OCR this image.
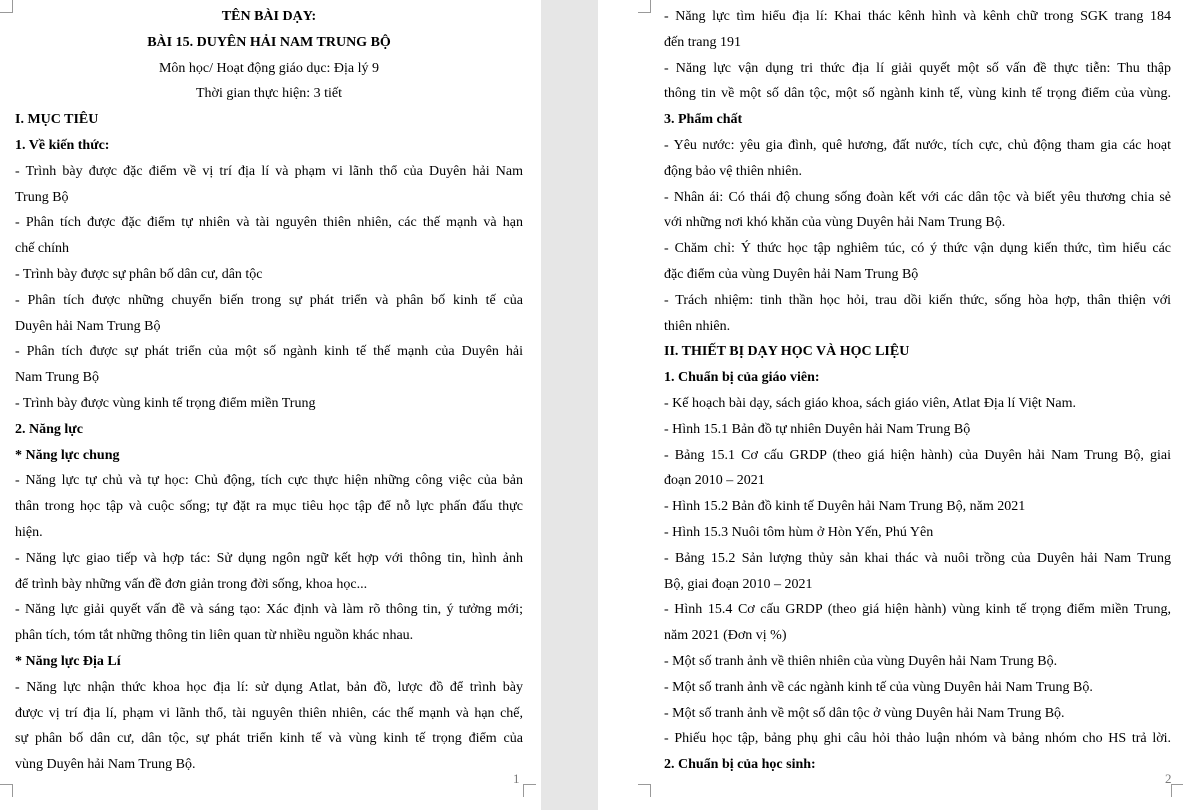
TÊN BÀI DẠY:
BÀI 15. DUYÊN HẢI NAM TRUNG BỘ
Môn học/ Hoạt động giáo dục: Địa lý 9
Thời gian thực hiện: 3 tiết
I. MỤC TIÊU
1. Về kiến thức:
- Trình bày được đặc điểm về vị trí địa lí và phạm vi lãnh thổ của Duyên hải Nam
Trung Bộ
- Phân tích được đặc điểm tự nhiên và tài nguyên thiên nhiên, các thế mạnh và hạn
chế chính
- Trình bày được sự phân bố dân cư, dân tộc
- Phân tích được những chuyển biến trong sự phát triển và phân bố kinh tế của
Duyên hải Nam Trung Bộ
- Phân tích được sự phát triển của một số ngành kinh tế thế mạnh của Duyên hải
Nam Trung Bộ
- Trình bày được vùng kinh tế trọng điểm miền Trung
2. Năng lực
* Năng lực chung
- Năng lực tự chủ và tự học: Chủ động, tích cực thực hiện những công việc của bản
thân trong học tập và cuộc sống; tự đặt ra mục tiêu học tập để nỗ lực phấn đấu thực
hiện.
- Năng lực giao tiếp và hợp tác: Sử dụng ngôn ngữ kết hợp với thông tin, hình ảnh
để trình bày những vấn đề đơn giản trong đời sống, khoa học...
- Năng lực giải quyết vấn đề và sáng tạo: Xác định và làm rõ thông tin, ý tưởng mới;
phân tích, tóm tắt những thông tin liên quan từ nhiều nguồn khác nhau.
* Năng lực Địa Lí
- Năng lực nhận thức khoa học địa lí: sử dụng Atlat, bản đồ, lược đồ để trình bày
được vị trí địa lí, phạm vi lãnh thổ, tài nguyên thiên nhiên, các thế mạnh và hạn chế,
sự phân bố dân cư, dân tộc, sự phát triển kinh tế và vùng kinh tế trọng điểm của
vùng Duyên hải Nam Trung Bộ.
1
- Năng lực tìm hiểu địa lí: Khai thác kênh hình và kênh chữ trong SGK trang 184
đến trang 191
- Năng lực vận dụng tri thức địa lí giải quyết một số vấn đề thực tiễn: Thu thập
thông tin về một số dân tộc, một số ngành kinh tế, vùng kinh tế trọng điểm của vùng.
3. Phẩm chất
- Yêu nước: yêu gia đình, quê hương, đất nước, tích cực, chủ động tham gia các hoạt
động bảo vệ thiên nhiên.
- Nhân ái: Có thái độ chung sống đoàn kết với các dân tộc và biết yêu thương chia sẻ
với những nơi khó khăn của vùng Duyên hải Nam Trung Bộ.
- Chăm chỉ: Ý thức học tập nghiêm túc, có ý thức vận dụng kiến thức, tìm hiểu các
đặc điểm của vùng Duyên hải Nam Trung Bộ
- Trách nhiệm: tinh thần học hỏi, trau dồi kiến thức, sống hòa hợp, thân thiện với
thiên nhiên.
II. THIẾT BỊ DẠY HỌC VÀ HỌC LIỆU
1. Chuẩn bị của giáo viên:
- Kế hoạch bài dạy, sách giáo khoa, sách giáo viên, Atlat Địa lí Việt Nam.
- Hình 15.1 Bản đồ tự nhiên Duyên hải Nam Trung Bộ
- Bảng 15.1 Cơ cấu GRDP (theo giá hiện hành) của Duyên hải Nam Trung Bộ, giai
đoạn 2010 – 2021
- Hình 15.2 Bản đồ kinh tế Duyên hải Nam Trung Bộ, năm 2021
- Hình 15.3 Nuôi tôm hùm ở Hòn Yến, Phú Yên
- Bảng 15.2 Sản lượng thủy sản khai thác và nuôi trồng của Duyên hải Nam Trung
Bộ, giai đoạn 2010 – 2021
- Hình 15.4 Cơ cấu GRDP (theo giá hiện hành) vùng kinh tế trọng điểm miền Trung,
năm 2021 (Đơn vị %)
- Một số tranh ảnh về thiên nhiên của vùng Duyên hải Nam Trung Bộ.
- Một số tranh ảnh về các ngành kinh tế của vùng Duyên hải Nam Trung Bộ.
- Một số tranh ảnh về một số dân tộc ở vùng Duyên hải Nam Trung Bộ.
- Phiếu học tập, bảng phụ ghi câu hỏi thảo luận nhóm và bảng nhóm cho HS trả lời.
2. Chuẩn bị của học sinh:
2
